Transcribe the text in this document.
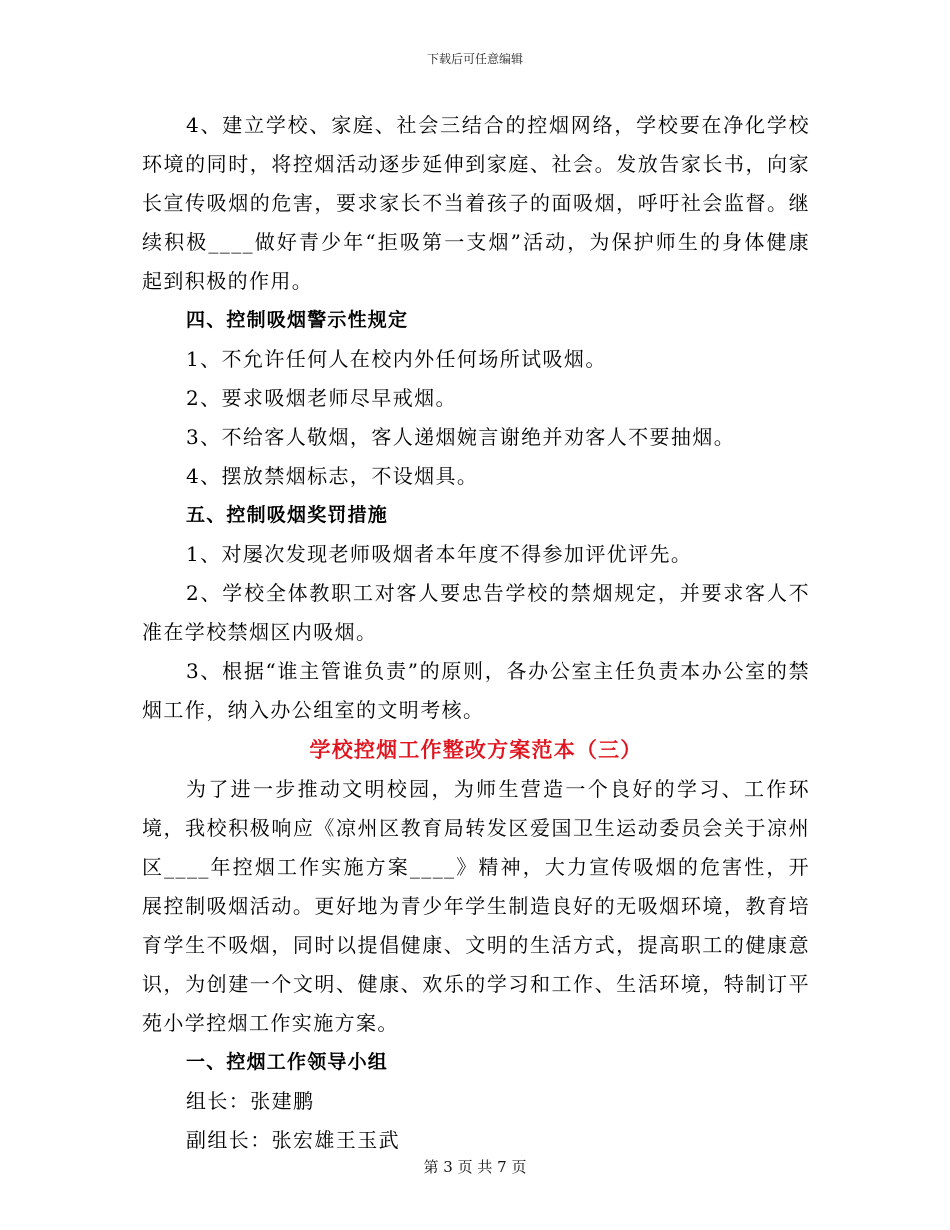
下载后可任意编辑

4、建立学校、家庭、社会三结合的控烟网络，学校要在净化学校环境的同时，将控烟活动逐步延伸到家庭、社会。发放告家长书，向家长宣传吸烟的危害，要求家长不当着孩子的面吸烟，呼吁社会监督。继续积极____做好青少年“拒吸第一支烟”活动，为保护师生的身体健康起到积极的作用。

四、控制吸烟警示性规定

1、不允许任何人在校内外任何场所试吸烟。

2、要求吸烟老师尽早戒烟。

3、不给客人敬烟，客人递烟婉言谢绝并劝客人不要抽烟。

4、摆放禁烟标志，不设烟具。

五、控制吸烟奖罚措施

1、对屡次发现老师吸烟者本年度不得参加评优评先。

2、学校全体教职工对客人要忠告学校的禁烟规定，并要求客人不准在学校禁烟区内吸烟。

3、根据“谁主管谁负责”的原则，各办公室主任负责本办公室的禁烟工作，纳入办公组室的文明考核。

学校控烟工作整改方案范本（三）

为了进一步推动文明校园，为师生营造一个良好的学习、工作环境，我校积极响应《凉州区教育局转发区爱国卫生运动委员会关于凉州区____年控烟工作实施方案____》精神，大力宣传吸烟的危害性，开展控制吸烟活动。更好地为青少年学生制造良好的无吸烟环境，教育培育学生不吸烟，同时以提倡健康、文明的生活方式，提高职工的健康意识，为创建一个文明、健康、欢乐的学习和工作、生活环境，特制订平苑小学控烟工作实施方案。

一、控烟工作领导小组

组长：张建鹏

副组长：张宏雄王玉武

第 3 页 共 7 页
